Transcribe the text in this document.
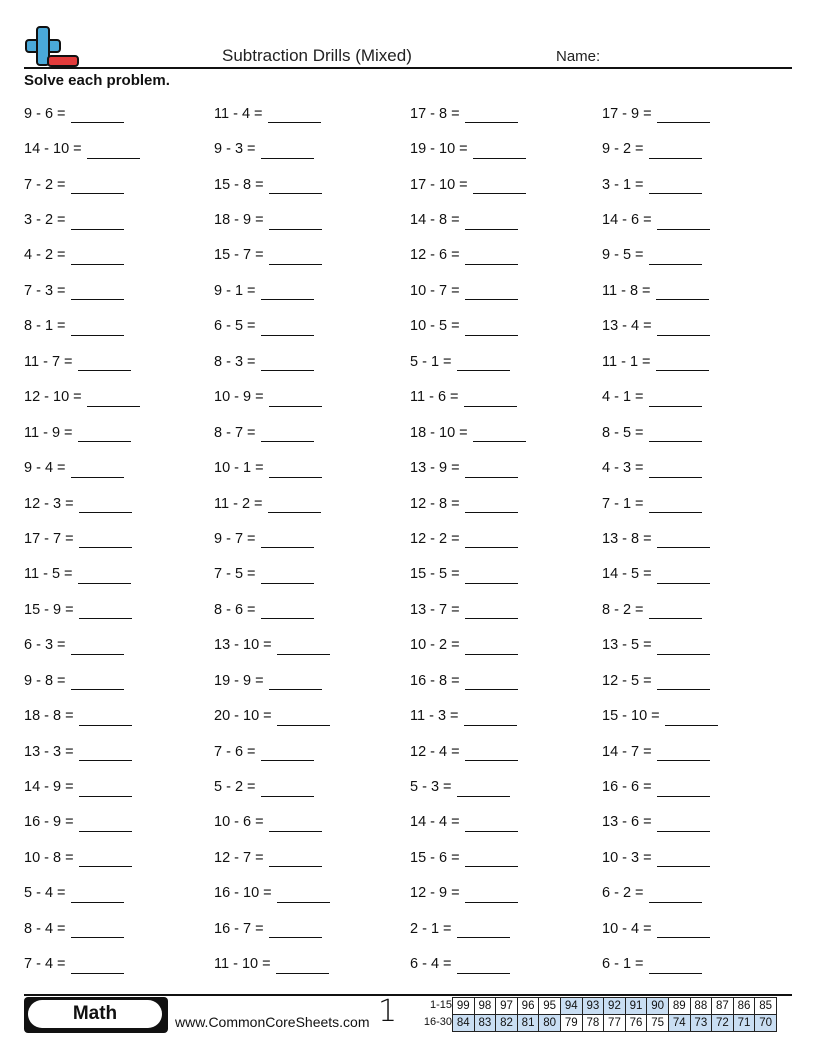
Subtraction Drills (Mixed)	Name:
Solve each problem.
9 - 6 =	11 - 4 =	17 - 8 =	17 - 9 =
14 - 10 =	9 - 3 =	19 - 10 =	9 - 2 =
7 - 2 =	15 - 8 =	17 - 10 =	3 - 1 =
3 - 2 =	18 - 9 =	14 - 8 =	14 - 6 =
4 - 2 =	15 - 7 =	12 - 6 =	9 - 5 =
7 - 3 =	9 - 1 =	10 - 7 =	11 - 8 =
8 - 1 =	6 - 5 =	10 - 5 =	13 - 4 =
11 - 7 =	8 - 3 =	5 - 1 =	11 - 1 =
12 - 10 =	10 - 9 =	11 - 6 =	4 - 1 =
11 - 9 =	8 - 7 =	18 - 10 =	8 - 5 =
9 - 4 =	10 - 1 =	13 - 9 =	4 - 3 =
12 - 3 =	11 - 2 =	12 - 8 =	7 - 1 =
17 - 7 =	9 - 7 =	12 - 2 =	13 - 8 =
11 - 5 =	7 - 5 =	15 - 5 =	14 - 5 =
15 - 9 =	8 - 6 =	13 - 7 =	8 - 2 =
6 - 3 =	13 - 10 =	10 - 2 =	13 - 5 =
9 - 8 =	19 - 9 =	16 - 8 =	12 - 5 =
18 - 8 =	20 - 10 =	11 - 3 =	15 - 10 =
13 - 3 =	7 - 6 =	12 - 4 =	14 - 7 =
14 - 9 =	5 - 2 =	5 - 3 =	16 - 6 =
16 - 9 =	10 - 6 =	14 - 4 =	13 - 6 =
10 - 8 =	12 - 7 =	15 - 6 =	10 - 3 =
5 - 4 =	16 - 10 =	12 - 9 =	6 - 2 =
8 - 4 =	16 - 7 =	2 - 1 =	10 - 4 =
7 - 4 =	11 - 10 =	6 - 4 =	6 - 1 =
Math	www.CommonCoreSheets.com 1	1-15
16-30
99	98	97	96	95	94	93	92	91	90	89	88	87	86	85
84	83	82	81	80	79	78	77	76	75	74	73	72	71	70
